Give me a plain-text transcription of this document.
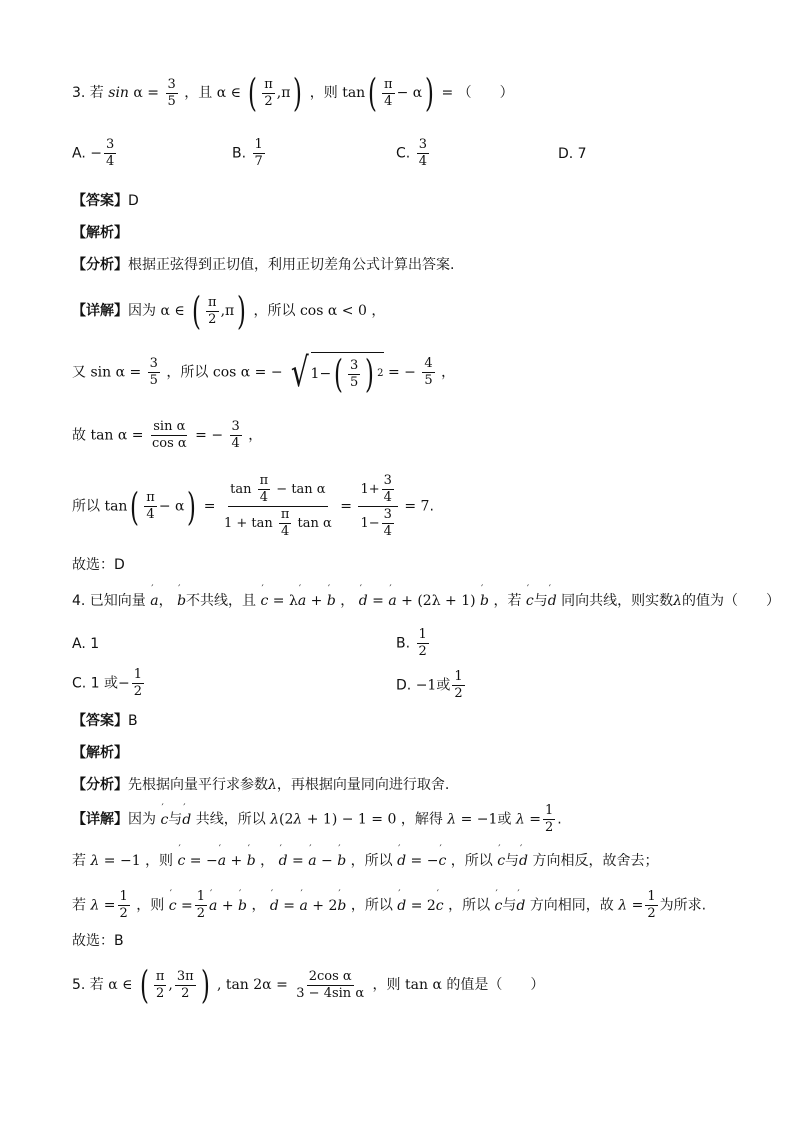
3. 若 $\sin \alpha = \frac{3}{5}$ ，且 α ∈ ( $\frac{\pi}{2} ,\pi$) ，则 $\tan( \frac{\pi}{4} - \alpha)$ = （　　）
A. − $\frac{3}{4}$	B. $\frac{1}{7}$	C. $\frac{3}{4}$	D. 7
【答案】D
【解析】
【分析】根据正弦得到正切值，利用正切差角公式计算出答案.
【详解】因为 α ∈ ( $\frac{\pi}{2} ,\pi$) ，所以 cos α < 0 ，
又 $\sin \alpha = \frac{3}{5}$ ，所以 cos α = − √ 1− ( $\frac{3}{5}$ ) 2 = − $\frac{4}{5}$ ，
故 $\tan \alpha = \frac{\text{sin α}}{\text{cos α}}$ = − $\frac{3}{4}$ ，
所以 $\tan( \frac{\pi}{4} - \alpha) = \frac{\tan \frac{\pi}{4} - \tan \alpha}{1 + \tan \frac{\pi}{4} \tan \alpha} = \frac{1+ \frac{3}{4}}{1- \frac{3}{4}} = 7$.
故选：D
4. 已知向量 ′ a， ′ b不共线，且 ′ c = λ′ a + ′ b ， ′ d = ′ a + (2λ + 1) ′ b ，若 ′ c与′ d 同向共线，则实数λ的值为（　　）
A. 1	B. $\frac{1}{2}$
C. 1 或− $\frac{1}{2}$	D. −1或 $\frac{1}{2}$
【答案】B
【解析】
【分析】先根据向量平行求参数λ，再根据向量同向进行取舍.
【详解】因为 ′ c与′ d 共线，所以 λ(2λ + 1) − 1 = 0 ，解得 λ = −1或 $\lambda = \frac{1}{2}$ .
若 λ = −1 ，则 ′ c = −′ a + ′ b ， ′ d = ′ a − ′ b ，所以 ′ d = −′ c ，所以 ′ c与′ d 方向相反，故舍去；
若 $\lambda = \frac{1}{2}$ ，则 ′ $c = \frac{1}{2}$ ′ a + ′ b ， ′ d = ′ a + 2′ b ，所以 ′ d = 2′ c ，所以 ′ c与′ d 方向相同，故 $\lambda = \frac{1}{2}$ 为所求.
故选：B
5. 若 α ∈ ( $\frac{\pi}{2}$ , $\frac{3\pi}{2}$ ) , $\tan 2\alpha = \frac{\text{2cos α}}{\text{3 − 4sin α}}$ ，则 tan α 的值是（　　）
